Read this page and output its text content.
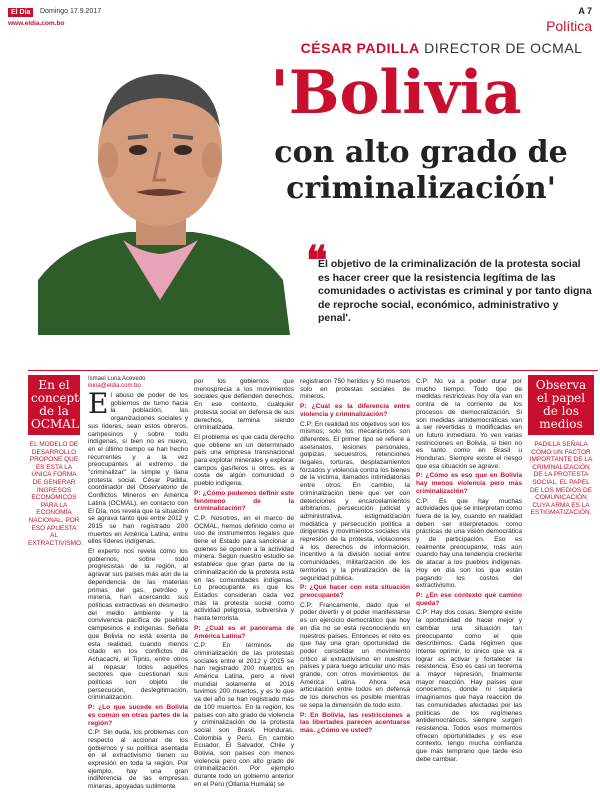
El Día	Domingo 17.9.2017
www.eldia.com.bo
A 7
Política
CÉSAR PADILLA DIRECTOR DE OCMAL
'Bolivia
con alto grado de
criminalización'
❝
El objetivo de la criminalización de la protesta social es hacer creer que la resistencia legítima de las comunidades o activistas es criminal y por tanto digna de reproche social, económico, administrativo y penal'.
En el concepto de la OCMAL
EL MODELO DE DESARROLLO PROPONE QUE ES ESTA LA ÚNICA FORMA DE GENERAR INGRESOS ECONÓMICOS PARA LA ECONOMÍA NACIONAL, POR ESO APUESTA AL EXTRACTIVISMO.
Ismael Luna Acevedo
iluna@eldia.com.bo

El abuso de poder de los gobiernos de turno hacia la población, las organizaciones sociales y sus líderes, sean estos obreros, campesinos y sobre todo indígenas, si bien no es nuevo, en el último tiempo se han hecho recurrentes y a la vez preocupantes al extremo de "criminalizar" la simple y llana protesta social. César Padilla, coordinador del Observatorio de Conflictos Mineros en América Latina (OCMAL), en contacto con El Día, nos revela que la situación se agrava tanto que entre 2012 y 2015 se han registrado 200 muertos en América Latina, entre ellos líderes indígenas.

El experto nos revela cómo los gobiernos, sobre todo progresistas de la región, al agravar sus países más aún de la dependencia de las materias primas del gas, petróleo y minería, han acercando sus políticas extractivas en desmedro del medio ambiente y la convivencia pacífica de pueblos campesinos e indígenas. Señala que Bolivia no está exenta de esta realidad, cuando menos citado en los conflictos de Achacachi, el Tipnis, entre otros al repasar todos aquellos sectores que cuestionan sus políticas son objeto de persecución, deslegitimación, criminalización.

P: ¿Lo que sucede en Bolivia es común en otras partes de la región?

C.P: Sin duda, los problemas con respecto al accionar de los gobiernos y su política asentada en el extractivismo tienen su expresión en toda la región. Por ejemplo, hay una gran indiferencia de las empresas mineras, apoyadas sutilmente

por los gobiernos que menosprecia a los movimientos sociales que defienden derechos. En ese contexto, cualquier protesta social en defensa de sus derechos, termina siendo criminalizada.

El problema es que cada derecho que obtiene en un determinado país una empresa transnacional para explotar minerales y explorar campos gasíferos u otros, es a costa de algún comunidad o pueblo indígena.

P: ¿Cómo podemos definir este fenómeno de la criminalización?

C.P: Nosotros, en el marco de OCMAL, hemos definido como el uso de instrumentos legales que tiene el Estado para sancionar a quienes se oponen a la actividad minera. Según nuestro estudio se establece que gran parte de la criminalización de la protesta está en las comunidades indígenas. Lo preocupante es que los Estados consideran cada vez más la protesta social como actividad peligrosa, subversiva y hasta terrorista.

P: ¿Cuál es el panorama de América Latina?

C.P: En términos de criminalización de las protestas sociales entre el 2012 y 2015 se han registrado 200 muertos en América Latina, pero a nivel mundial solamente el 2016 tuvimos 200 muertos, y es lo que va del año se han registrado más de 100 muertos. En la región, los países con alto grado de violencia y criminalización de la protesta social son Brasil, Honduras, Colombia y Perú. En cambio Ecuador, El Salvador, Chile y Bolivia, son países con menos violencia pero con alto grado de criminalización. Por ejemplo durante todo un gobierno anterior en el Perú (Ollanta Humala) se

registraron 750 heridos y 50 muertos solo en protestas sociales de mineros.

P: ¿Cuál es la diferencia entre violencia y criminalización?

C.P: En realidad los objetivos son los mismos; solo los mecanismos son diferentes. El primer tipo se refiere a asesinatos, lesiones personales, golpizas, secuestros, retenciones ilegales, torturas, desplazamientos forzados y violencia contra los bienes de la víctima, llamados intimidatorias entre otros. En cambio, la criminalización tiene que ver con detenciones y encarcelamientos arbitrarios, persecución judicial y administrativa, estigmatización mediática y persecución política a dirigentes y movimientos sociales vía represión de la protesta, violaciones a los derechos de información, incentivo a la división social entre comunidades, militarización de los territorios y la privatización de la seguridad pública.

P: ¿Qué hacer con esta situación preocupante?

C.P: Francamente, dado que el poder divertir y el poder manifestarse es un ejercicio democrático que hoy en día no se está reconociendo en nuestros países. Entonces el reto es que hay una gran oportunidad de poder consolidar un movimiento crítico al extractivismo en nuestros países y para luego articular uno más grande, con otros movimientos de América Latina. Ahora esa articulación entre todos en defensa de los derechos es posible mientras se sepa la dimensión de todo esto.

P: En Bolivia, las restricciones a las libertades parecen acentuarse más. ¿Cómo ve usted?

C.P: No va a poder durar por mucho tiempo. Todo tipo de medidas restrictivas hoy día van en contra de la corriente de los procesos de democratización. Si son medidas antidemocráticas van a ser revertidas o modificadas en un futuro inmediato. Yo veo varias restricciones en Bolivia, si bien no es tanto como en Brasil u Honduras. Siempre existe el riesgo que esa situación se agrave.

P: ¿Cómo es eso que en Bolivia hay menos violencia pero más criminalización?

C.P: Es que hay muchas actividades que se interpretan como fuera de la ley, cuando en realidad deben ser interpretados como prácticas de una visión democrática y de participación. Eso es realmente preocupante, más aún cuando hay una tendencia creciente de atacar a los pueblos indígenas. Hoy en día son los que están pagando los costos del extractivismo.

P: ¿En ese contexto qué camino queda?

C.P: Hay dos cosas. Siempre existe la oportunidad de hacer mejor y cambiar una situación tan preocupante como el que describimos. Cada régimen que intente oprimir, lo único que va a lograr es activar y fortalecer la resistencia. Eso es casi un teorema a mayor represión, finalmente mayor reacción. Hay países que conocemos, donde ni siquiera imaginamos que haya reacción de las comunidades afectadas por las políticas de los regímenes antidemocráticos, siempre surgen resistencia. Todos esos momentos ofrecen oportunidades y es ese contexto, tengo mucha confianza que más temprano que tarde eso debe cambiar.

Observa el papel de los medios
PADILLA SEÑALA COMO UN FACTOR IMPORTANTE DE LA CRIMINALIZACIÓN DE LA PROTESTA SOCIAL, EL PAPEL DE LOS MEDIOS DE COMUNICACIÓN CUYA ARMA ES LA ESTIGMATIZACIÓN.
